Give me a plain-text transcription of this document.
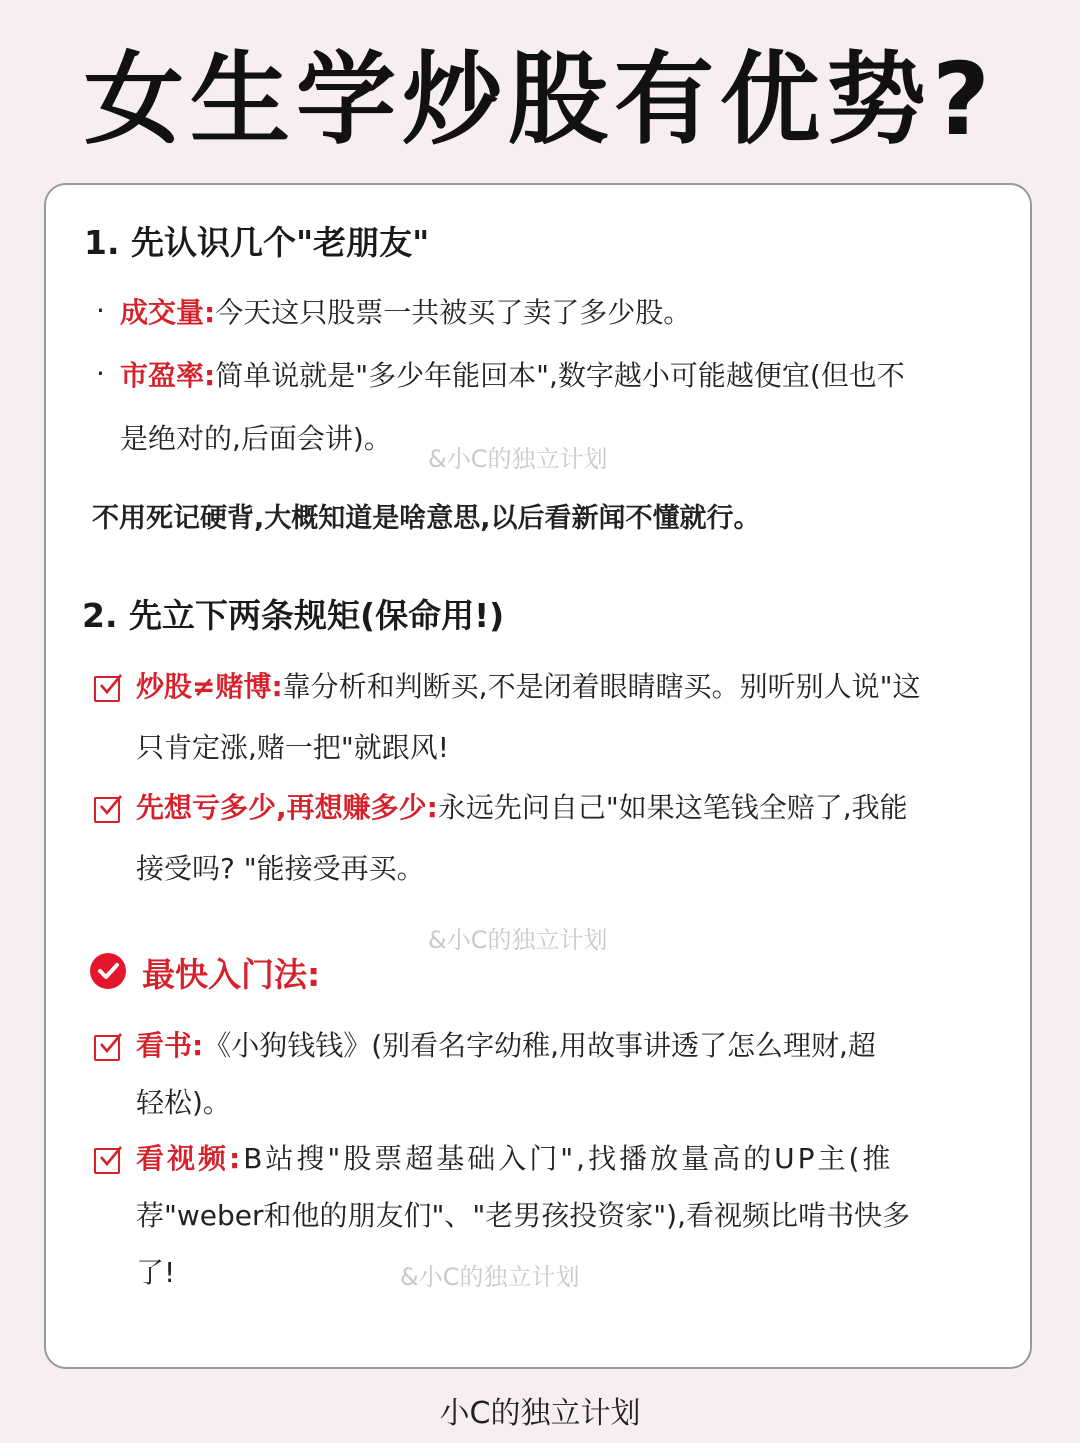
女生学炒股有优势?
1. 先认识几个"老朋友"
· 成交量:今天这只股票一共被买了卖了多少股。
· 市盈率:简单说就是"多少年能回本",数字越小可能越便宜(但也不
是绝对的,后面会讲)。
&小C的独立计划
不用死记硬背,大概知道是啥意思,以后看新闻不懂就行。
2. 先立下两条规矩(保命用!)
炒股≠赌博:靠分析和判断买,不是闭着眼睛瞎买。别听别人说"这
只肯定涨,赌一把"就跟风!
先想亏多少,再想赚多少:永远先问自己"如果这笔钱全赔了,我能
接受吗? "能接受再买。
&小C的独立计划
最快入门法:
看书:《小狗钱钱》(别看名字幼稚,用故事讲透了怎么理财,超
轻松)。
看视频:B站搜"股票超基础入门",找播放量高的UP主(推
荐"weber和他的朋友们"、"老男孩投资家"),看视频比啃书快多
了!	&小C的独立计划
小C的独立计划
